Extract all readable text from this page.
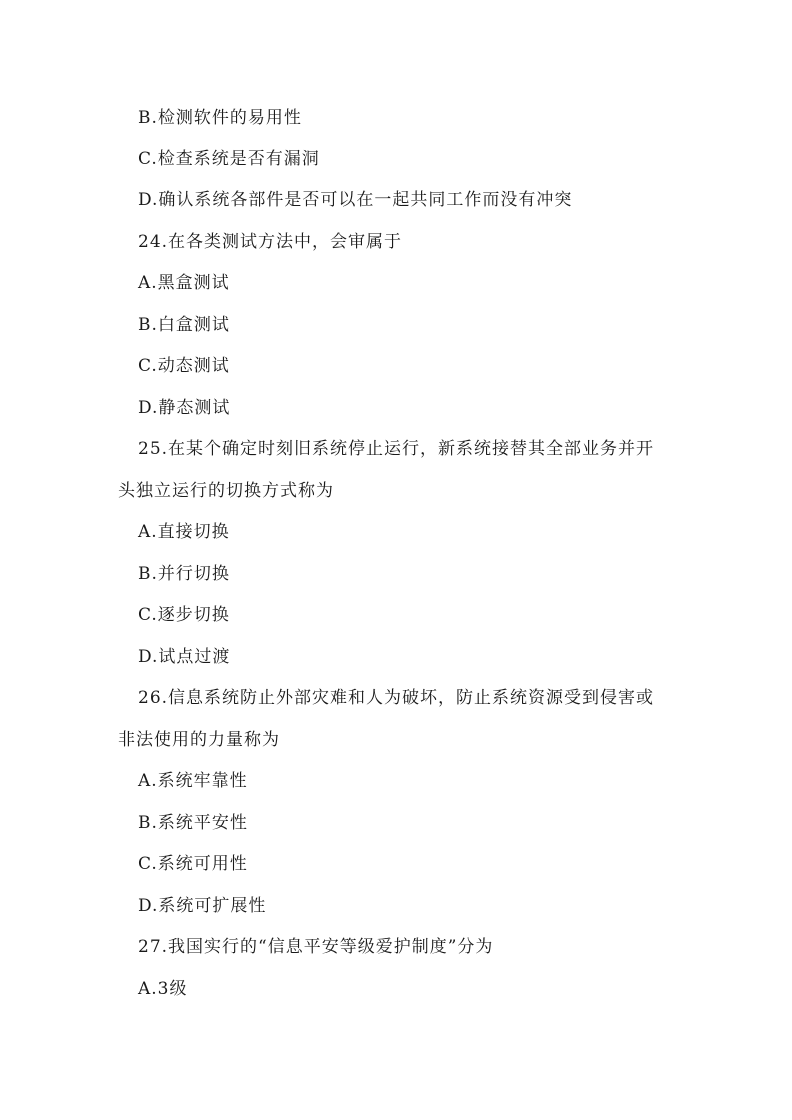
B.检测软件的易用性
C.检查系统是否有漏洞
D.确认系统各部件是否可以在一起共同工作而没有冲突
24.在各类测试方法中，会审属于
A.黑盒测试
B.白盒测试
C.动态测试
D.静态测试
25.在某个确定时刻旧系统停止运行，新系统接替其全部业务并开
头独立运行的切换方式称为
A.直接切换
B.并行切换
C.逐步切换
D.试点过渡
26.信息系统防止外部灾难和人为破坏，防止系统资源受到侵害或
非法使用的力量称为
A.系统牢靠性
B.系统平安性
C.系统可用性
D.系统可扩展性
27.我国实行的“信息平安等级爱护制度”分为
A.3级
